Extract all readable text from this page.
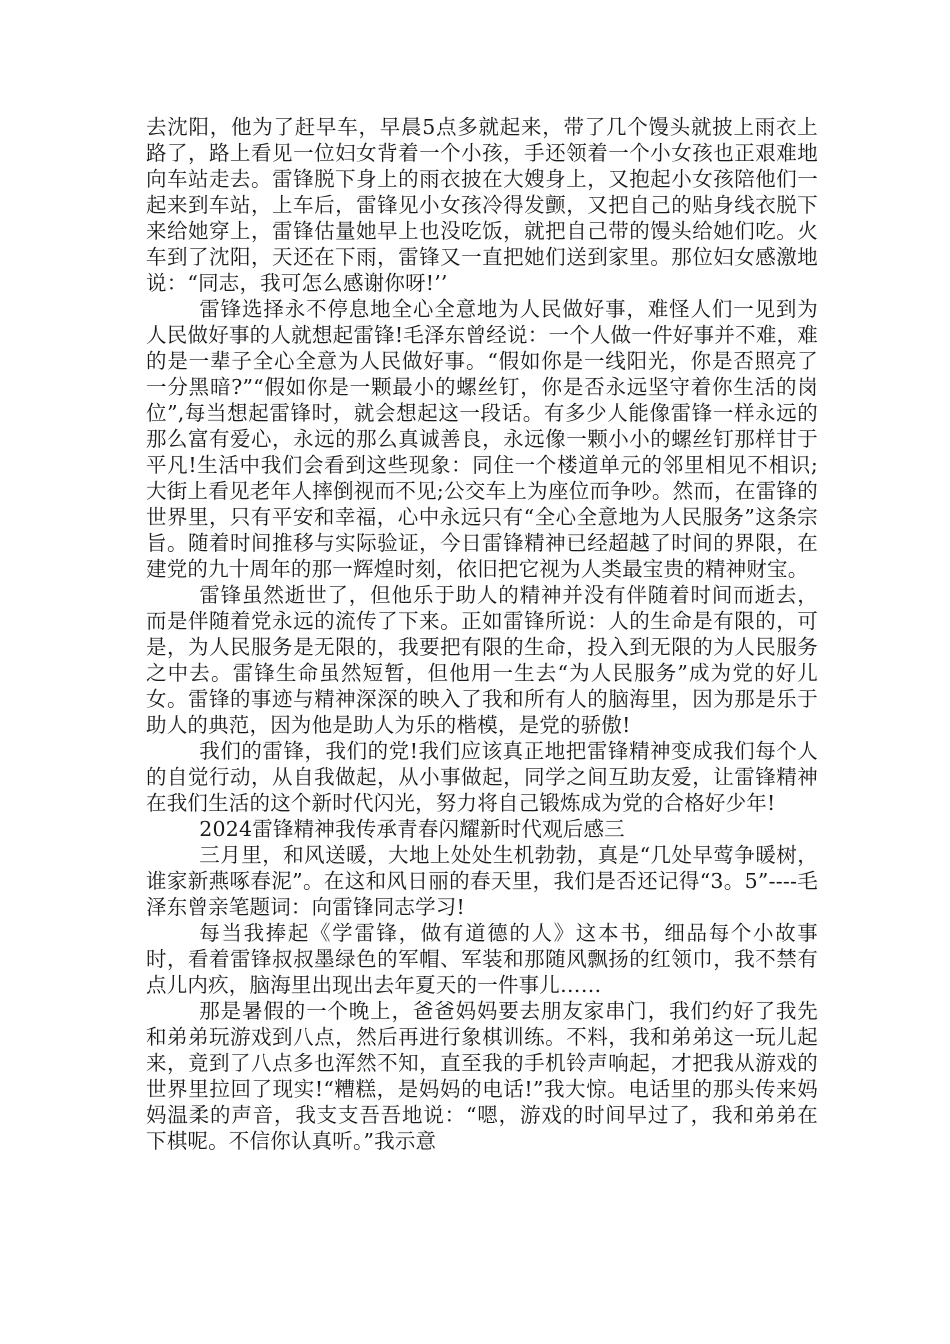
去沈阳，他为了赶早车，早晨5点多就起来，带了几个馒头就披上雨衣上路了，路上看见一位妇女背着一个小孩，手还领着一个小女孩也正艰难地向车站走去。雷锋脱下身上的雨衣披在大嫂身上，又抱起小女孩陪他们一起来到车站，上车后，雷锋见小女孩冷得发颤，又把自己的贴身线衣脱下来给她穿上，雷锋估量她早上也没吃饭，就把自己带的馒头给她们吃。火车到了沈阳，天还在下雨，雷锋又一直把她们送到家里。那位妇女感激地说：“同志，我可怎么感谢你呀!’’

雷锋选择永不停息地全心全意地为人民做好事，难怪人们一见到为人民做好事的人就想起雷锋!毛泽东曾经说：一个人做一件好事并不难，难的是一辈子全心全意为人民做好事。“假如你是一线阳光，你是否照亮了一分黑暗?”“假如你是一颗最小的螺丝钉，你是否永远坚守着你生活的岗位”,每当想起雷锋时，就会想起这一段话。有多少人能像雷锋一样永远的那么富有爱心，永远的那么真诚善良，永远像一颗小小的螺丝钉那样甘于平凡!生活中我们会看到这些现象：同住一个楼道单元的邻里相见不相识;大街上看见老年人摔倒视而不见;公交车上为座位而争吵。然而，在雷锋的世界里，只有平安和幸福，心中永远只有“全心全意地为人民服务”这条宗旨。随着时间推移与实际验证，今日雷锋精神已经超越了时间的界限，在建党的九十周年的那一辉煌时刻，依旧把它视为人类最宝贵的精神财宝。

雷锋虽然逝世了，但他乐于助人的精神并没有伴随着时间而逝去，而是伴随着党永远的流传了下来。正如雷锋所说：人的生命是有限的，可是，为人民服务是无限的，我要把有限的生命，投入到无限的为人民服务之中去。雷锋生命虽然短暂，但他用一生去“为人民服务”成为党的好儿女。雷锋的事迹与精神深深的映入了我和所有人的脑海里，因为那是乐于助人的典范，因为他是助人为乐的楷模，是党的骄傲!

我们的雷锋，我们的党!我们应该真正地把雷锋精神变成我们每个人的自觉行动，从自我做起，从小事做起，同学之间互助友爱，让雷锋精神在我们生活的这个新时代闪光，努力将自己锻炼成为党的合格好少年!

2024雷锋精神我传承青春闪耀新时代观后感三

三月里，和风送暖，大地上处处生机勃勃，真是“几处早莺争暖树，谁家新燕啄春泥”。在这和风日丽的春天里，我们是否还记得“3。5”----毛泽东曾亲笔题词：向雷锋同志学习!

每当我捧起《学雷锋，做有道德的人》这本书，细品每个小故事时，看着雷锋叔叔墨绿色的军帽、军装和那随风飘扬的红领巾，我不禁有点儿内疚，脑海里出现出去年夏天的一件事儿……

那是暑假的一个晚上，爸爸妈妈要去朋友家串门，我们约好了我先和弟弟玩游戏到八点，然后再进行象棋训练。不料，我和弟弟这一玩儿起来，竟到了八点多也浑然不知，直至我的手机铃声响起，才把我从游戏的世界里拉回了现实!“糟糕，是妈妈的电话!”我大惊。电话里的那头传来妈妈温柔的声音，我支支吾吾地说：“嗯，游戏的时间早过了，我和弟弟在下棋呢。不信你认真听。”我示意
